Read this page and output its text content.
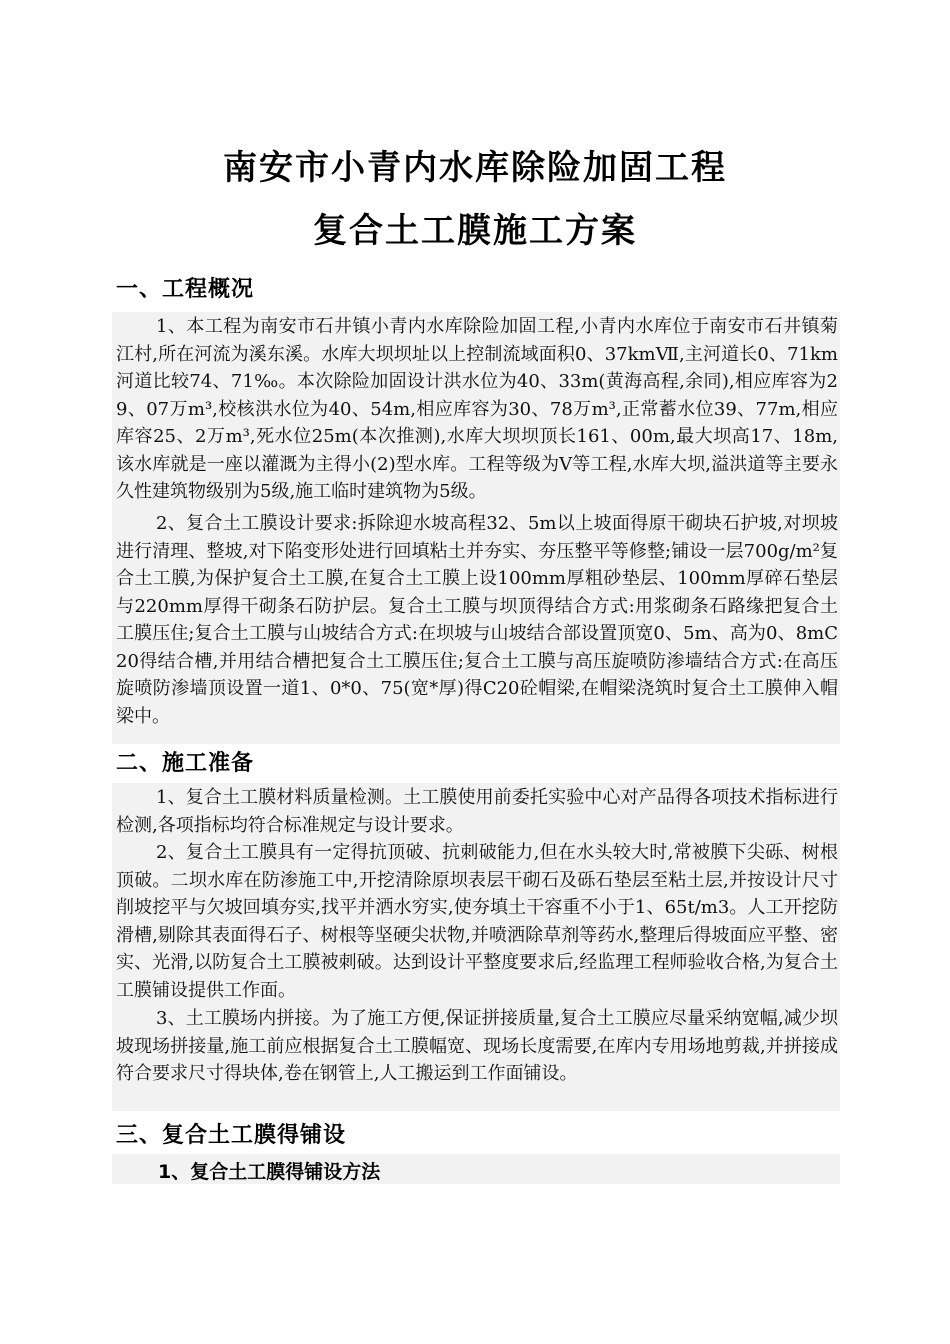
南安市小青内水库除险加固工程
复合土工膜施工方案
一、工程概况
1、本工程为南安市石井镇小青内水库除险加固工程,小青内水库位于南安市石井镇菊江村,所在河流为溪东溪。水库大坝坝址以上控制流域面积0、37kmⅦ,主河道长0、71km河道比较74、71‰。本次除险加固设计洪水位为40、33m(黄海高程,余同),相应库容为29、07万m³,校核洪水位为40、54m,相应库容为30、78万m³,正常蓄水位39、77m,相应库容25、2万m³,死水位25m(本次推测),水库大坝坝顶长161、00m,最大坝高17、18m,该水库就是一座以灌溉为主得小(2)型水库。工程等级为Ⅴ等工程,水库大坝,溢洪道等主要永久性建筑物级别为5级,施工临时建筑物为5级。
2、复合土工膜设计要求:拆除迎水坡高程32、5m以上坡面得原干砌块石护坡,对坝坡进行清理、整坡,对下陷变形处进行回填粘土并夯实、夯压整平等修整;铺设一层700g/m²复合土工膜,为保护复合土工膜,在复合土工膜上设100mm厚粗砂垫层、100mm厚碎石垫层与220mm厚得干砌条石防护层。复合土工膜与坝顶得结合方式:用浆砌条石路缘把复合土工膜压住;复合土工膜与山坡结合方式:在坝坡与山坡结合部设置顶宽0、5m、高为0、8mC20得结合槽,并用结合槽把复合土工膜压住;复合土工膜与高压旋喷防渗墙结合方式:在高压旋喷防渗墙顶设置一道1、0*0、75(宽*厚)得C20砼帽梁,在帽梁浇筑时复合土工膜伸入帽梁中。
二、施工准备
1、复合土工膜材料质量检测。土工膜使用前委托实验中心对产品得各项技术指标进行检测,各项指标均符合标准规定与设计要求。
2、复合土工膜具有一定得抗顶破、抗刺破能力,但在水头较大时,常被膜下尖砾、树根顶破。二坝水库在防渗施工中,开挖清除原坝表层干砌石及砾石垫层至粘土层,并按设计尺寸削坡挖平与欠坡回填夯实,找平并洒水穷实,使夯填土干容重不小于1、65t/m3。人工开挖防滑槽,剔除其表面得石子、树根等坚硬尖状物,并喷洒除草剂等药水,整理后得坡面应平整、密实、光滑,以防复合土工膜被刺破。达到设计平整度要求后,经监理工程师验收合格,为复合土工膜铺设提供工作面。
3、土工膜场内拼接。为了施工方便,保证拼接质量,复合土工膜应尽量采纳宽幅,减少坝坡现场拼接量,施工前应根据复合土工膜幅宽、现场长度需要,在库内专用场地剪裁,并拼接成符合要求尺寸得块体,卷在钢管上,人工搬运到工作面铺设。
三、复合土工膜得铺设
1、复合土工膜得铺设方法
